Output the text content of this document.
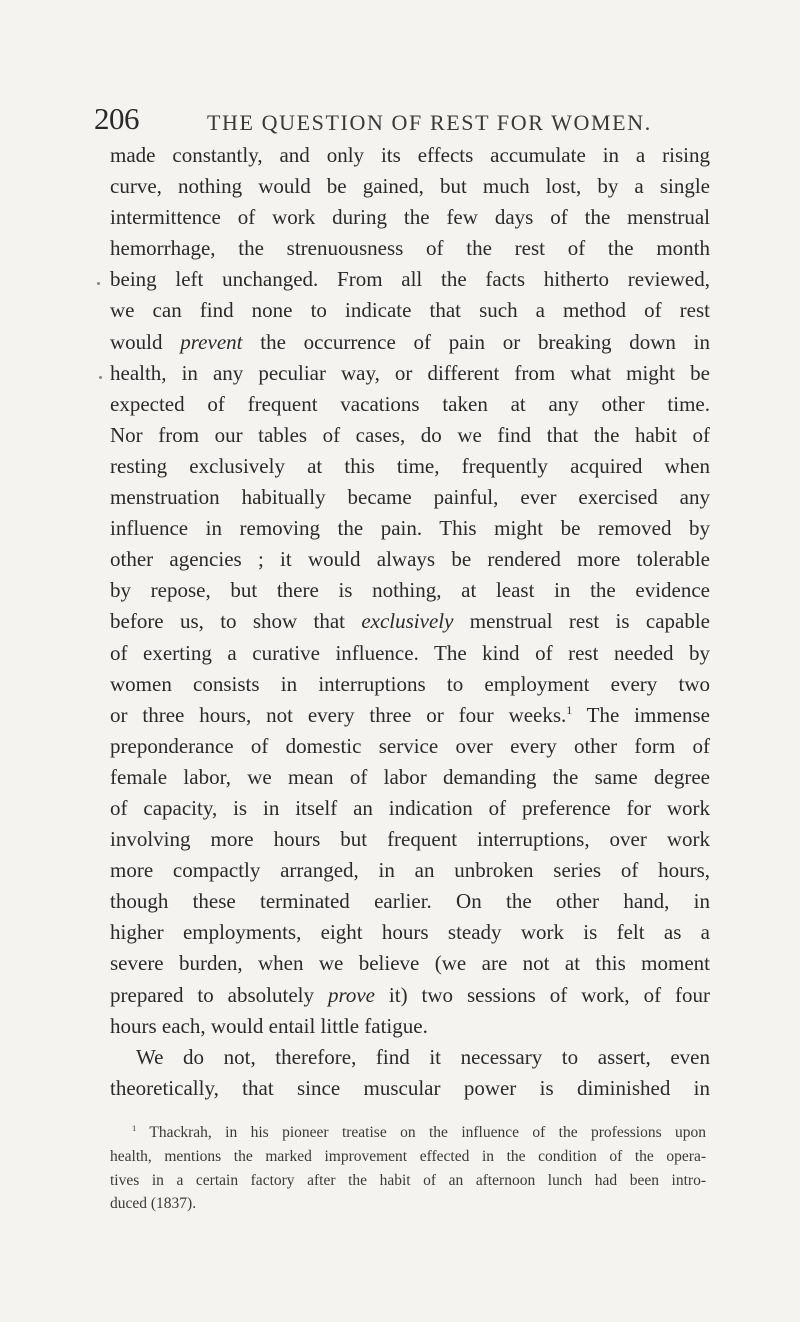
206	THE QUESTION OF REST FOR WOMEN.
made constantly, and only its effects accumulate in a rising
curve, nothing would be gained, but much lost, by a single
intermittence of work during the few days of the menstrual
hemorrhage, the strenuousness of the rest of the month
being left unchanged. From all the facts hitherto reviewed,
we can find none to indicate that such a method of rest
would prevent the occurrence of pain or breaking down in
health, in any peculiar way, or different from what might be
expected of frequent vacations taken at any other time.
Nor from our tables of cases, do we find that the habit of
resting exclusively at this time, frequently acquired when
menstruation habitually became painful, ever exercised any
influence in removing the pain. This might be removed by
other agencies ; it would always be rendered more tolerable
by repose, but there is nothing, at least in the evidence
before us, to show that exclusively menstrual rest is capable
of exerting a curative influence. The kind of rest needed by
women consists in interruptions to employment every two
or three hours, not every three or four weeks.$^1$ The immense
preponderance of domestic service over every other form of
female labor, we mean of labor demanding the same degree
of capacity, is in itself an indication of preference for work
involving more hours but frequent interruptions, over work
more compactly arranged, in an unbroken series of hours,
though these terminated earlier. On the other hand, in
higher employments, eight hours steady work is felt as a
severe burden, when we believe (we are not at this moment
prepared to absolutely prove it) two sessions of work, of four
hours each, would entail little fatigue.
We do not, therefore, find it necessary to assert, even
theoretically, that since muscular power is diminished in
$^1$ Thackrah, in his pioneer treatise on the influence of the professions upon
health, mentions the marked improvement effected in the condition of the opera-
tives in a certain factory after the habit of an afternoon lunch had been intro-
duced (1837).
